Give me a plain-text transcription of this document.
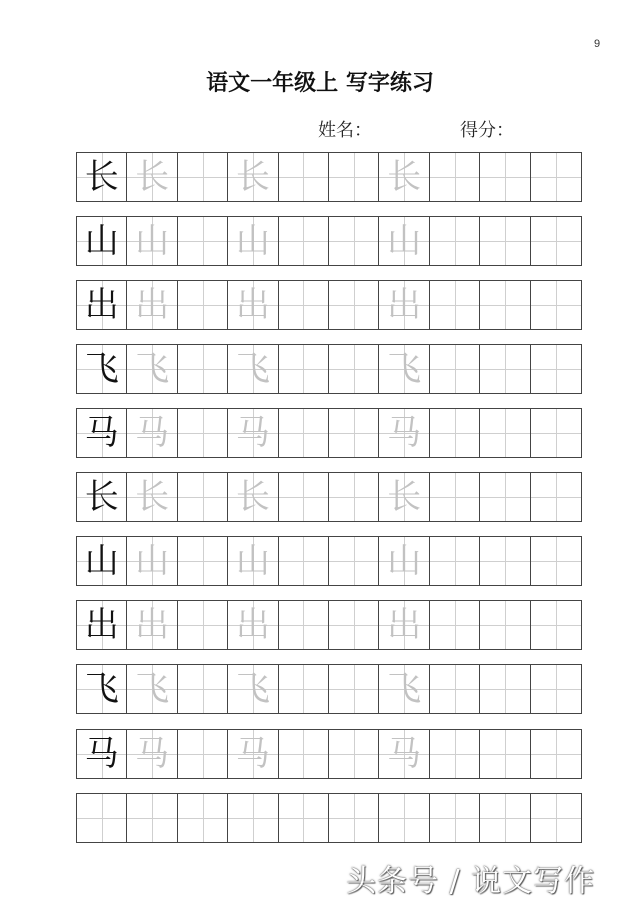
9
语文一年级上 写字练习
姓名：	得分：
长 长 长	长
山 山 山	山
出 出 出	出
飞 飞 飞	飞
马 马 马	马
长 长 长	长
山 山 山	山
出 出 出	出
飞 飞 飞	飞
马 马 马	马
头条号 / 说文写作
